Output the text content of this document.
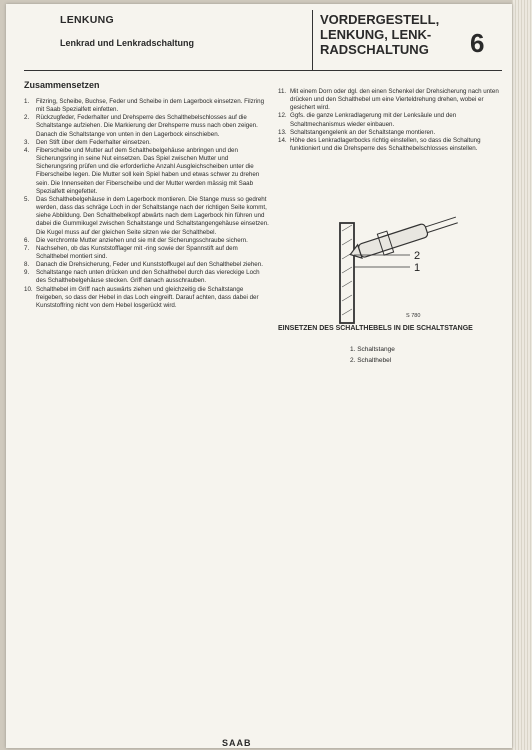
LENKUNG
Lenkrad und Lenkradschaltung
VORDERGESTELL,
LENKUNG, LENK-
RADSCHALTUNG	6
Zusammensetzen
1. Filzring, Scheibe, Buchse, Feder und Scheibe in dem Lagerbock einsetzen. Filzring mit Saab Spezialfett einfetten.
2. Rückzugfeder, Federhalter und Drehsperre des Schalthebelschlosses auf die Schaltstange aufziehen. Die Markierung der Drehsperre muss nach oben zeigen. Danach die Schaltstange von unten in den Lagerbock einschieben.
3. Den Stift über dem Federhalter einsetzen.
4. Fiberscheibe und Mutter auf dem Schalthebelgehäuse anbringen und den Sicherungsring in seine Nut einsetzen. Das Spiel zwischen Mutter und Sicherungsring prüfen und die erforderliche Anzahl Ausgleichscheiben unter die Fiberscheibe legen. Die Mutter soll kein Spiel haben und etwas schwer zu drehen sein. Die Innenseiten der Fiberscheibe und der Mutter werden mässig mit Saab Spezialfett eingefettet.
5. Das Schalthebelgehäuse in dem Lagerbock montieren. Die Stange muss so gedreht werden, dass das schräge Loch in der Schaltstange nach der richtigen Seite kommt, siehe Abbildung. Den Schalthebelkopf abwärts nach dem Lagerbock hin führen und dabei die Gummikugel zwischen Schaltstange und Schaltstangengehäuse einsetzen. Die Kugel muss auf der gleichen Seite sitzen wie der Schalthebel.
6. Die verchromte Mutter anziehen und sie mit der Sicherungsschraube sichern.
7. Nachsehen, ob das Kunststofflager mit -ring sowie der Spannstift auf dem Schalthebel montiert sind.
8. Danach die Drehsicherung, Feder und Kunststoffkugel auf den Schalthebel ziehen.
9. Schaltstange nach unten drücken und den Schalthebel durch das viereckige Loch des Schalthebelgehäuse stecken. Griff danach ausschrauben.
10. Schalthebel im Griff nach auswärts ziehen und gleichzeitig die Schaltstange freigeben, so dass der Hebel in das Loch eingreift. Darauf achten, dass dabei der Kunststoffring nicht von dem Hebel losgerückt wird.
11. Mit einem Dorn oder dgl. den einen Schenkel der Drehsicherung nach unten drücken und den Schalthebel um eine Vierteldrehung drehen, wobei er gesichert wird.
12. Ggfs. die ganze Lenkradlagerung mit der Lenksäule und den Schaltmechanismus wieder einbauen.
13. Schaltstangengelenk an der Schaltstange montieren.
14. Höhe des Lenkradlagerbocks richtig einstellen, so dass die Schaltung funktioniert und die Drehsperre des Schalthebelschlosses einstellen.
2
1
S 780
EINSETZEN DES SCHALTHEBELS IN DIE SCHALTSTANGE
1. Schaltstange
2. Schalthebel
SAAB
